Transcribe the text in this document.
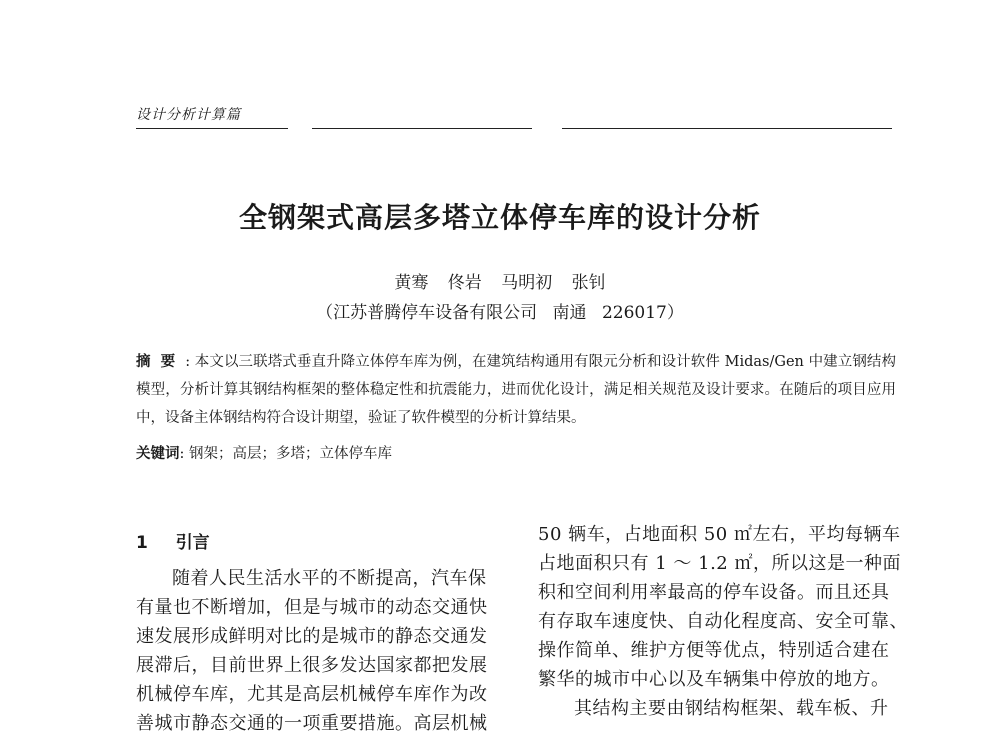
设计分析计算篇
全钢架式高层多塔立体停车库的设计分析
黄骞 佟岩 马明初 张钊
（江苏普腾停车设备有限公司 南通 226017）
摘要: 本文以三联塔式垂直升降立体停车库为例，在建筑结构通用有限元分析和设计软件 Midas/Gen 中建立钢结构模型，分析计算其钢结构框架的整体稳定性和抗震能力，进而优化设计，满足相关规范及设计要求。在随后的项目应用中，设备主体钢结构符合设计期望，验证了软件模型的分析计算结果。
关键词: 钢架；高层；多塔；立体停车库
1 引言
随着人民生活水平的不断提高，汽车保
有量也不断增加，但是与城市的动态交通快
速发展形成鲜明对比的是城市的静态交通发
展滞后，目前世界上很多发达国家都把发展
机械停车库，尤其是高层机械停车库作为改
善城市静态交通的一项重要措施。高层机械
50 辆车，占地面积 50 ㎡左右，平均每辆车
占地面积只有 1 ～ 1.2 ㎡，所以这是一种面
积和空间利用率最高的停车设备。而且还具
有存取车速度快、自动化程度高、安全可靠、
操作简单、维护方便等优点，特别适合建在
繁华的城市中心以及车辆集中停放的地方。
其结构主要由钢结构框架、载车板、升
